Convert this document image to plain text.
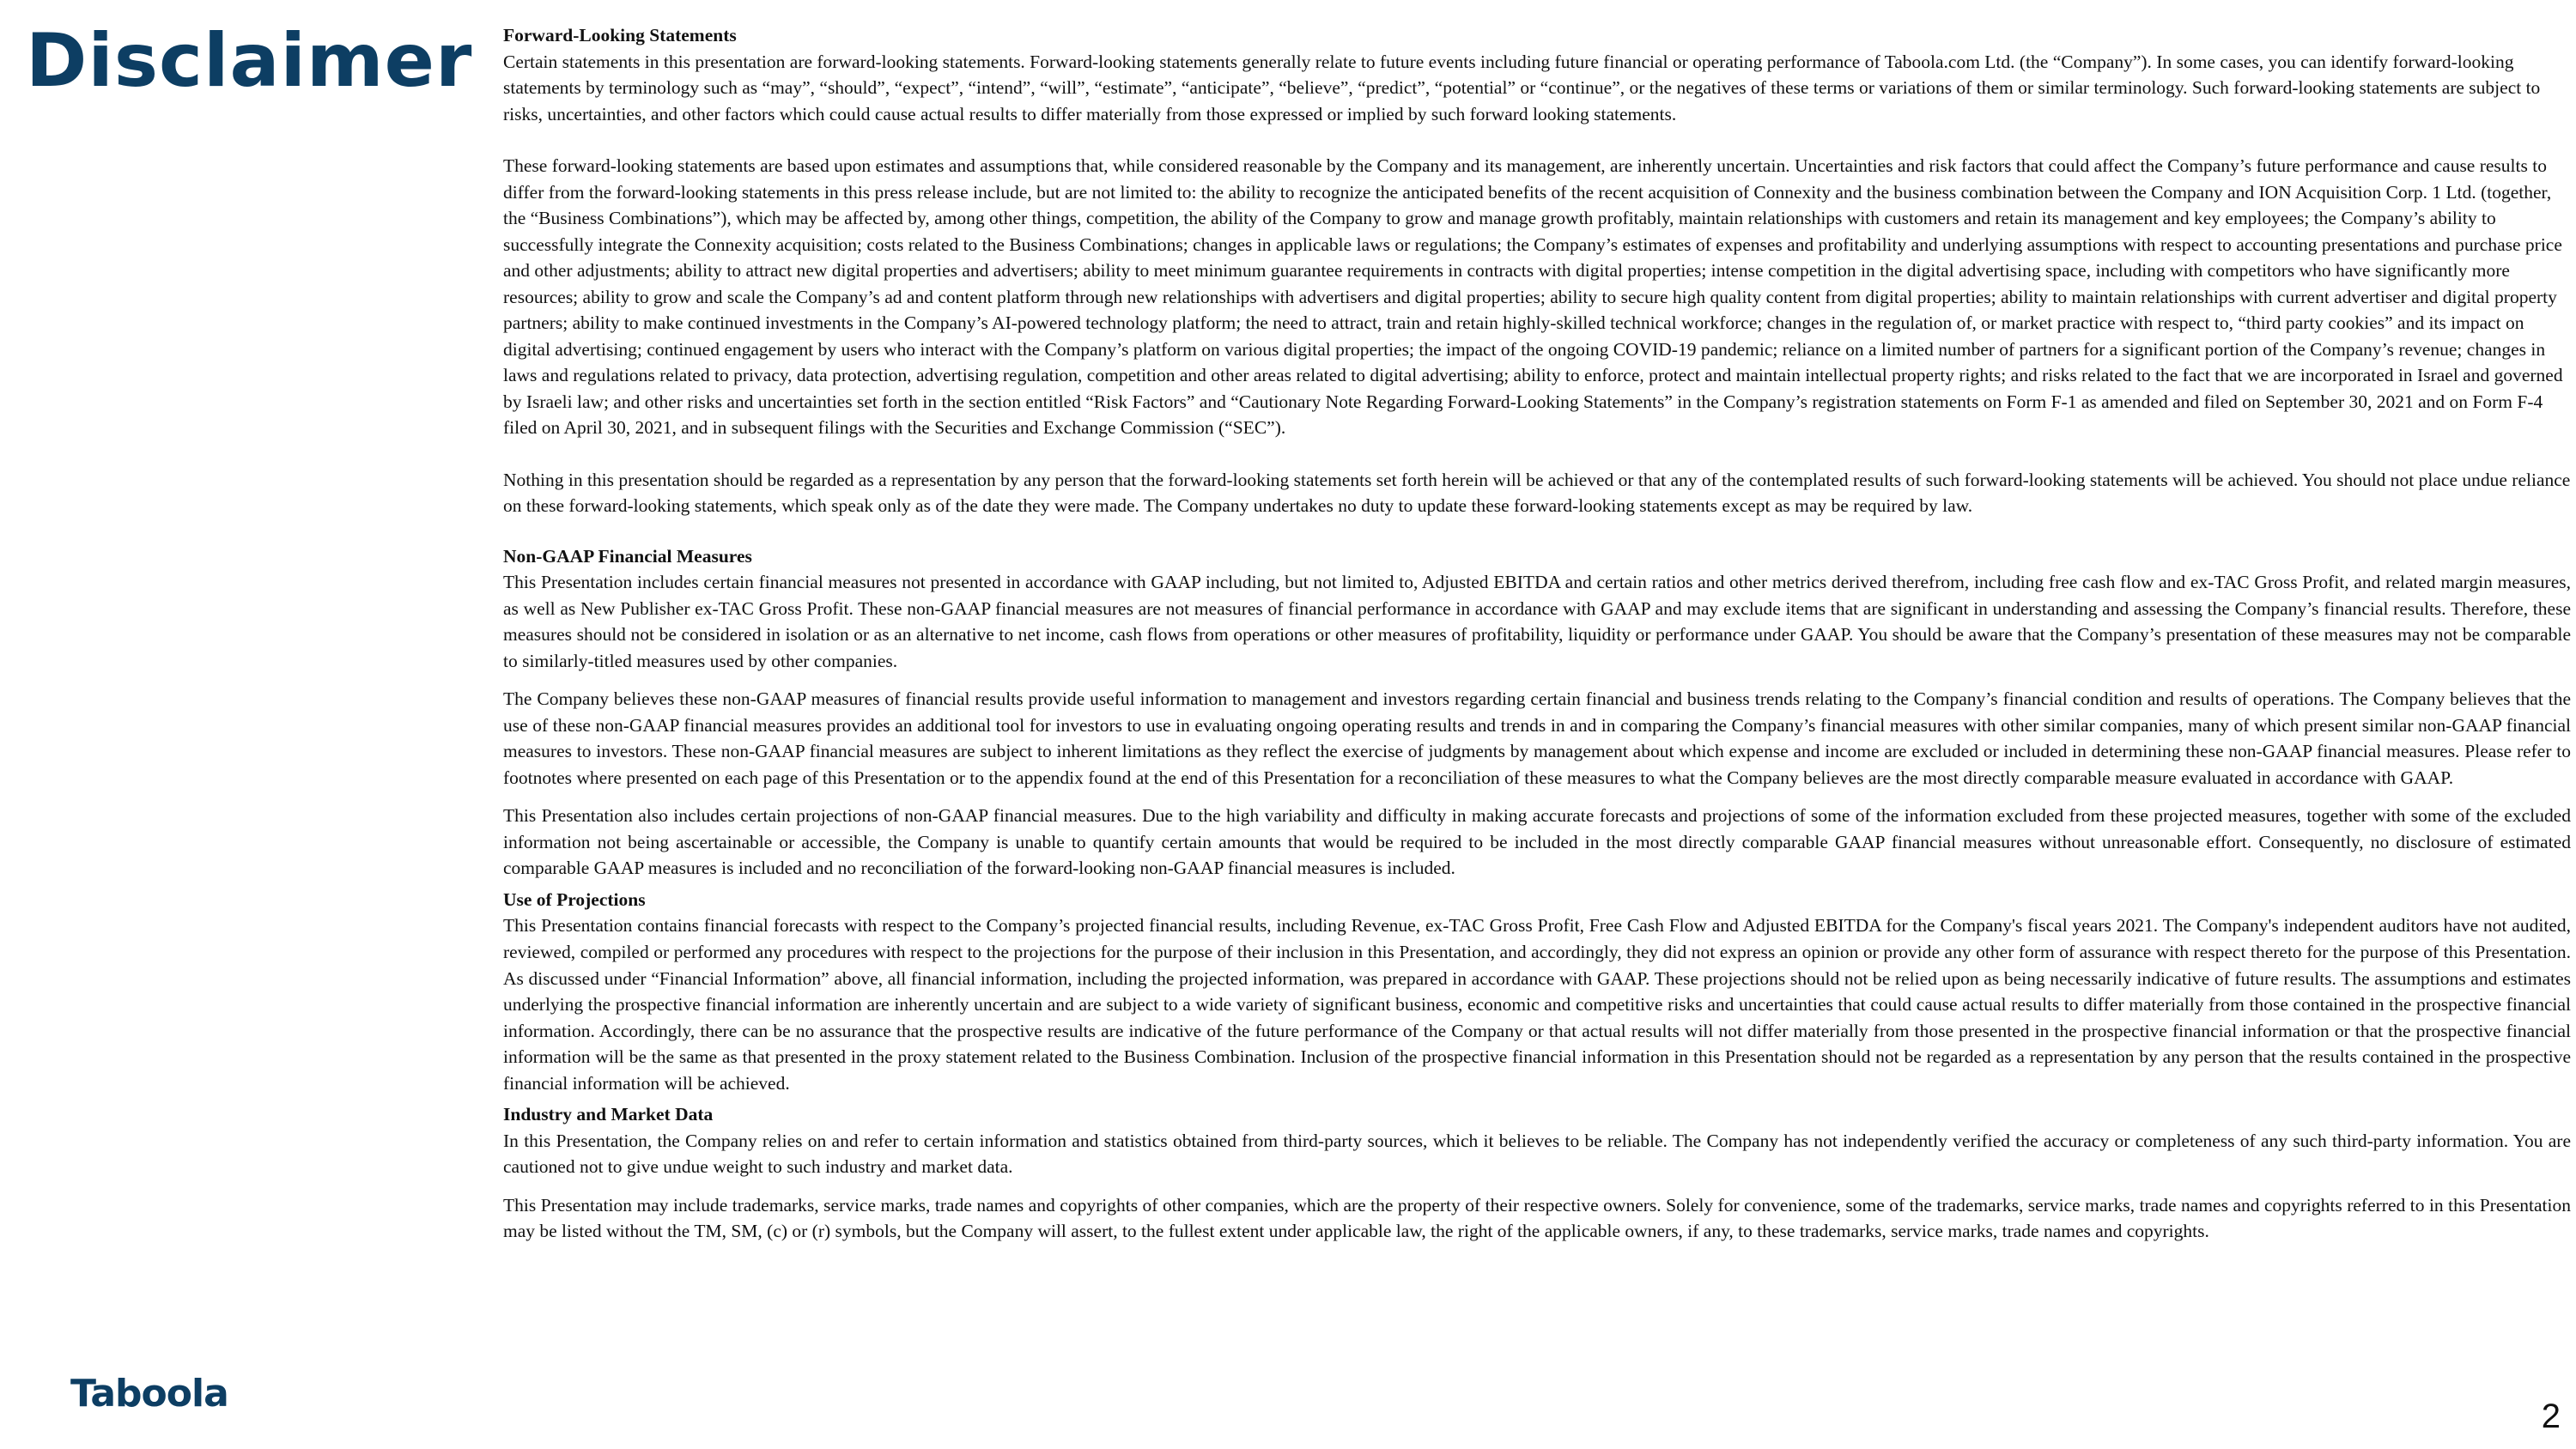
Disclaimer Forward-Looking Statements

Certain statements in this presentation are forward-looking statements. Forward-looking statements generally relate to future events including future financial or operating performance of Taboola.com Ltd. (the “Company”). In some cases, you can identify forward-looking statements by terminology such as “may”, “should”, “expect”, “intend”, “will”, “estimate”, “anticipate”, “believe”, “predict”, “potential” or “continue”, or the negatives of these terms or variations of them or similar terminology. Such forward-looking statements are subject to risks, uncertainties, and other factors which could cause actual results to differ materially from those expressed or implied by such forward looking statements.

These forward-looking statements are based upon estimates and assumptions that, while considered reasonable by the Company and its management, are inherently uncertain. Uncertainties and risk factors that could affect the Company’s future performance and cause results to differ from the forward-looking statements in this press release include, but are not limited to: the ability to recognize the anticipated benefits of the recent acquisition of Connexity and the business combination between the Company and ION Acquisition Corp. 1 Ltd. (together, the “Business Combinations”), which may be affected by, among other things, competition, the ability of the Company to grow and manage growth profitably, maintain relationships with customers and retain its management and key employees; the Company’s ability to successfully integrate the Connexity acquisition; costs related to the Business Combinations; changes in applicable laws or regulations; the Company’s estimates of expenses and profitability and underlying assumptions with respect to accounting presentations and purchase price and other adjustments; ability to attract new digital properties and advertisers; ability to meet minimum guarantee requirements in contracts with digital properties; intense competition in the digital advertising space, including with competitors who have significantly more resources; ability to grow and scale the Company’s ad and content platform through new relationships with advertisers and digital properties; ability to secure high quality content from digital properties; ability to maintain relationships with current advertiser and digital property partners; ability to make continued investments in the Company’s AI-powered technology platform; the need to attract, train and retain highly-skilled technical workforce; changes in the regulation of, or market practice with respect to, “third party cookies” and its impact on digital advertising; continued engagement by users who interact with the Company’s platform on various digital properties; the impact of the ongoing COVID-19 pandemic; reliance on a limited number of partners for a significant portion of the Company’s revenue; changes in laws and regulations related to privacy, data protection, advertising regulation, competition and other areas related to digital advertising; ability to enforce, protect and maintain intellectual property rights; and risks related to the fact that we are incorporated in Israel and governed by Israeli law; and other risks and uncertainties set forth in the section entitled “Risk Factors” and “Cautionary Note Regarding Forward-Looking Statements” in the Company’s registration statements on Form F-1 as amended and filed on September 30, 2021 and on Form F-4 filed on April 30, 2021, and in subsequent filings with the Securities and Exchange Commission (“SEC”).

Nothing in this presentation should be regarded as a representation by any person that the forward-looking statements set forth herein will be achieved or that any of the contemplated results of such forward-looking statements will be achieved. You should not place undue reliance on these forward-looking statements, which speak only as of the date they were made. The Company undertakes no duty to update these forward-looking statements except as may be required by law.

Non-GAAP Financial Measures

This Presentation includes certain financial measures not presented in accordance with GAAP including, but not limited to, Adjusted EBITDA and certain ratios and other metrics derived therefrom, including free cash flow and ex-TAC Gross Profit, and related margin measures, as well as New Publisher ex-TAC Gross Profit. These non-GAAP financial measures are not measures of financial performance in accordance with GAAP and may exclude items that are significant in understanding and assessing the Company’s financial results. Therefore, these measures should not be considered in isolation or as an alternative to net income, cash flows from operations or other measures of profitability, liquidity or performance under GAAP. You should be aware that the Company’s presentation of these measures may not be comparable to similarly-titled measures used by other companies.

The Company believes these non-GAAP measures of financial results provide useful information to management and investors regarding certain financial and business trends relating to the Company’s financial condition and results of operations. The Company believes that the use of these non-GAAP financial measures provides an additional tool for investors to use in evaluating ongoing operating results and trends in and in comparing the Company’s financial measures with other similar companies, many of which present similar non-GAAP financial measures to investors. These non-GAAP financial measures are subject to inherent limitations as they reflect the exercise of judgments by management about which expense and income are excluded or included in determining these non-GAAP financial measures. Please refer to footnotes where presented on each page of this Presentation or to the appendix found at the end of this Presentation for a reconciliation of these measures to what the Company believes are the most directly comparable measure evaluated in accordance with GAAP.

This Presentation also includes certain projections of non-GAAP financial measures. Due to the high variability and difficulty in making accurate forecasts and projections of some of the information excluded from these projected measures, together with some of the excluded information not being ascertainable or accessible, the Company is unable to quantify certain amounts that would be required to be included in the most directly comparable GAAP financial measures without unreasonable effort. Consequently, no disclosure of estimated comparable GAAP measures is included and no reconciliation of the forward-looking non-GAAP financial measures is included.

Use of Projections

This Presentation contains financial forecasts with respect to the Company’s projected financial results, including Revenue, ex-TAC Gross Profit, Free Cash Flow and Adjusted EBITDA for the Company's fiscal years 2021. The Company's independent auditors have not audited, reviewed, compiled or performed any procedures with respect to the projections for the purpose of their inclusion in this Presentation, and accordingly, they did not express an opinion or provide any other form of assurance with respect thereto for the purpose of this Presentation. As discussed under “Financial Information” above, all financial information, including the projected information, was prepared in accordance with GAAP. These projections should not be relied upon as being necessarily indicative of future results. The assumptions and estimates underlying the prospective financial information are inherently uncertain and are subject to a wide variety of significant business, economic and competitive risks and uncertainties that could cause actual results to differ materially from those contained in the prospective financial information. Accordingly, there can be no assurance that the prospective results are indicative of the future performance of the Company or that actual results will not differ materially from those presented in the prospective financial information or that the prospective financial information will be the same as that presented in the proxy statement related to the Business Combination. Inclusion of the prospective financial information in this Presentation should not be regarded as a representation by any person that the results contained in the prospective financial information will be achieved.

Industry and Market Data

In this Presentation, the Company relies on and refer to certain information and statistics obtained from third-party sources, which it believes to be reliable. The Company has not independently verified the accuracy or completeness of any such third-party information. You are cautioned not to give undue weight to such industry and market data.

This Presentation may include trademarks, service marks, trade names and copyrights of other companies, which are the property of their respective owners. Solely for convenience, some of the trademarks, service marks, trade names and copyrights referred to in this Presentation may be listed without the TM, SM, (c) or (r) symbols, but the Company will assert, to the fullest extent under applicable law, the right of the applicable owners, if any, to these trademarks, service marks, trade names and copyrights.

Taboola
2
